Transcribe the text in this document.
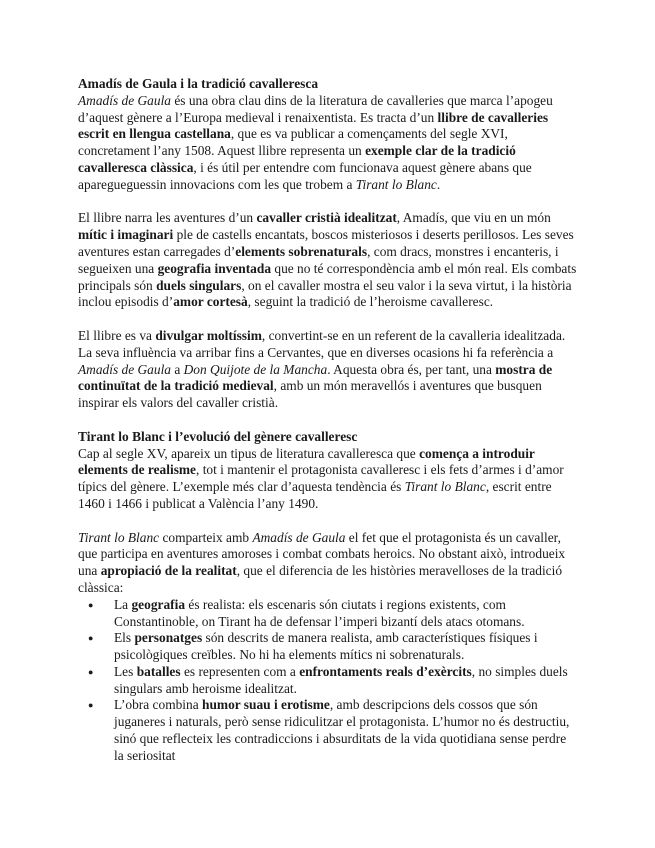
Amadís de Gaula i la tradició cavalleresca

Amadís de Gaula és una obra clau dins de la literatura de cavalleries que marca l’apogeu d’aquest gènere a l’Europa medieval i renaixentista. Es tracta d’un llibre de cavalleries escrit en llengua castellana, que es va publicar a començaments del segle XVI, concretament l’any 1508. Aquest llibre representa un exemple clar de la tradició cavalleresca clàssica, i és útil per entendre com funcionava aquest gènere abans que aparegueguessin innovacions com les que trobem a Tirant lo Blanc.

El llibre narra les aventures d’un cavaller cristià idealitzat, Amadís, que viu en un món mític i imaginari ple de castells encantats, boscos misteriosos i deserts perillosos. Les seves aventures estan carregades d’elements sobrenaturals, com dracs, monstres i encanteris, i segueixen una geografia inventada que no té correspondència amb el món real. Els combats principals són duels singulars, on el cavaller mostra el seu valor i la seva virtut, i la història inclou episodis d’amor cortesà, seguint la tradició de l’heroisme cavalleresc.

El llibre es va divulgar moltíssim, convertint-se en un referent de la cavalleria idealitzada. La seva influència va arribar fins a Cervantes, que en diverses ocasions hi fa referència a Amadís de Gaula a Don Quijote de la Mancha. Aquesta obra és, per tant, una mostra de continuïtat de la tradició medieval, amb un món meravellós i aventures que busquen inspirar els valors del cavaller cristià.

Tirant lo Blanc i l’evolució del gènere cavalleresc

Cap al segle XV, apareix un tipus de literatura cavalleresca que comença a introduir elements de realisme, tot i mantenir el protagonista cavalleresc i els fets d’armes i d’amor típics del gènere. L’exemple més clar d’aquesta tendència és Tirant lo Blanc, escrit entre 1460 i 1466 i publicat a València l’any 1490.

Tirant lo Blanc comparteix amb Amadís de Gaula el fet que el protagonista és un cavaller, que participa en aventures amoroses i combat combats heroics. No obstant això, introdueix una apropiació de la realitat, que el diferencia de les històries meravelloses de la tradició clàssica:

● La geografia és realista: els escenaris són ciutats i regions existents, com Constantinoble, on Tirant ha de defensar l’imperi bizantí dels atacs otomans.
● Els personatges són descrits de manera realista, amb característiques físiques i psicològiques creïbles. No hi ha elements mítics ni sobrenaturals.
● Les batalles es representen com a enfrontaments reals d’exèrcits, no simples duels singulars amb heroisme idealitzat.
● L’obra combina humor suau i erotisme, amb descripcions dels cossos que són juganeres i naturals, però sense ridiculitzar el protagonista. L’humor no és destructiu, sinó que reflecteix les contradiccions i absurditats de la vida quotidiana sense perdre la seriositat
